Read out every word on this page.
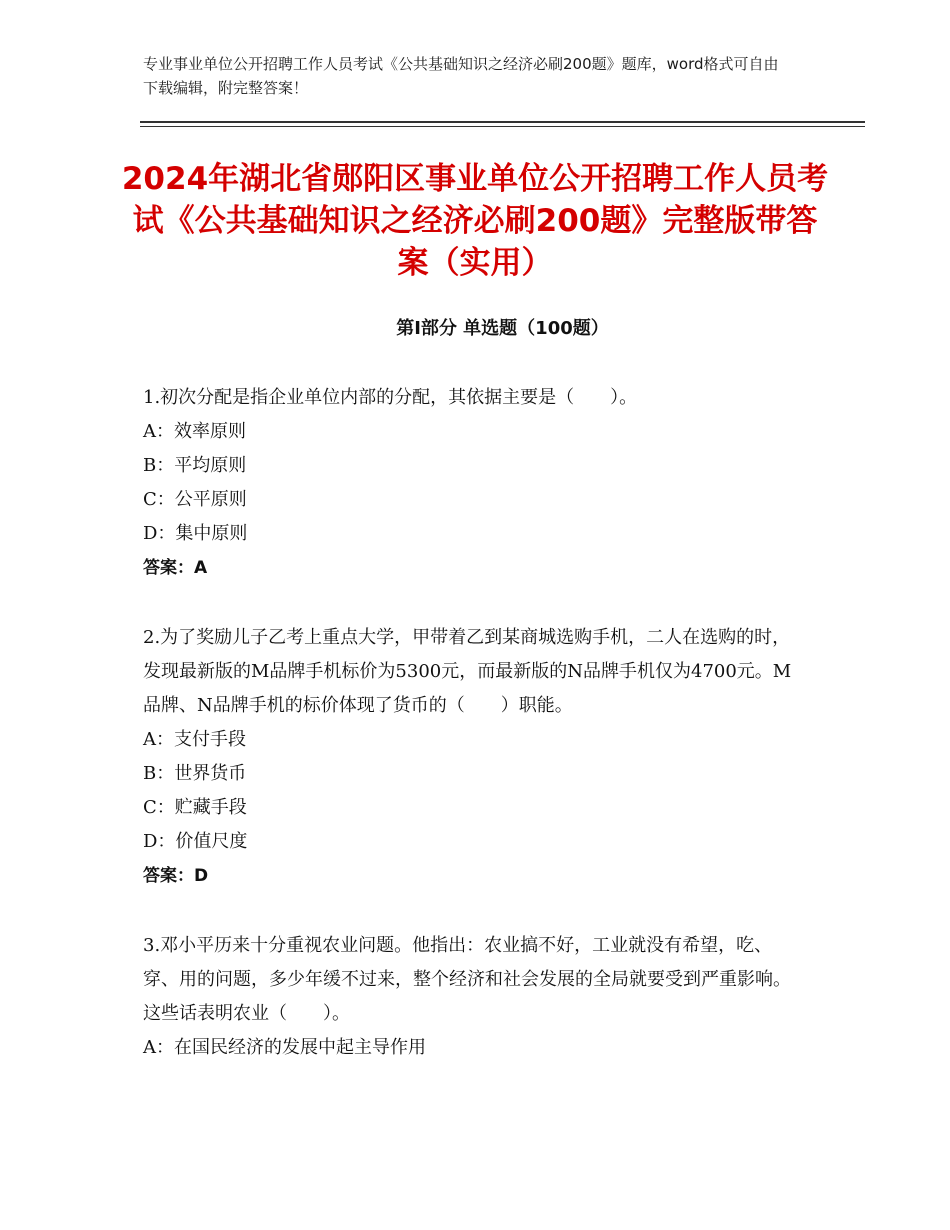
专业事业单位公开招聘工作人员考试《公共基础知识之经济必刷200题》题库，word格式可自由下载编辑，附完整答案！
2024年湖北省郧阳区事业单位公开招聘工作人员考试《公共基础知识之经济必刷200题》完整版带答案（实用）
第I部分 单选题（100题）

1.初次分配是指企业单位内部的分配，其依据主要是（　　）。

A：效率原则

B：平均原则

C：公平原则

D：集中原则

答案：A

2.为了奖励儿子乙考上重点大学，甲带着乙到某商城选购手机，二人在选购的时，发现最新版的M品牌手机标价为5300元，而最新版的N品牌手机仅为4700元。M品牌、N品牌手机的标价体现了货币的（　　）职能。

A：支付手段

B：世界货币

C：贮藏手段

D：价值尺度

答案：D

3.邓小平历来十分重视农业问题。他指出：农业搞不好，工业就没有希望，吃、穿、用的问题，多少年缓不过来，整个经济和社会发展的全局就要受到严重影响。这些话表明农业（　　）。

A：在国民经济的发展中起主导作用
